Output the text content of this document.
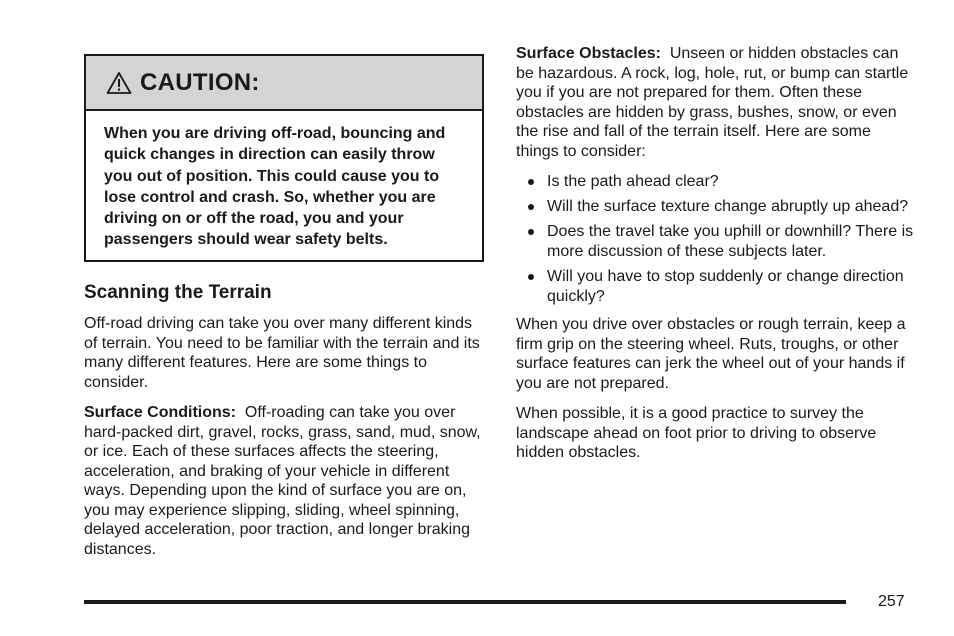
CAUTION:
When you are driving off-road, bouncing and quick changes in direction can easily throw you out of position. This could cause you to lose control and crash. So, whether you are driving on or off the road, you and your passengers should wear safety belts.
Scanning the Terrain

Off-road driving can take you over many different kinds of terrain. You need to be familiar with the terrain and its many different features. Here are some things to consider.

Surface Conditions: Off-roading can take you over hard-packed dirt, gravel, rocks, grass, sand, mud, snow, or ice. Each of these surfaces affects the steering, acceleration, and braking of your vehicle in different ways. Depending upon the kind of surface you are on, you may experience slipping, sliding, wheel spinning, delayed acceleration, poor traction, and longer braking distances.

Surface Obstacles: Unseen or hidden obstacles can be hazardous. A rock, log, hole, rut, or bump can startle you if you are not prepared for them. Often these obstacles are hidden by grass, bushes, snow, or even the rise and fall of the terrain itself. Here are some things to consider:

Is the path ahead clear?
Will the surface texture change abruptly up ahead?
Does the travel take you uphill or downhill? There is more discussion of these subjects later.
Will you have to stop suddenly or change direction quickly?

When you drive over obstacles or rough terrain, keep a firm grip on the steering wheel. Ruts, troughs, or other surface features can jerk the wheel out of your hands if you are not prepared.

When possible, it is a good practice to survey the landscape ahead on foot prior to driving to observe hidden obstacles.

257
